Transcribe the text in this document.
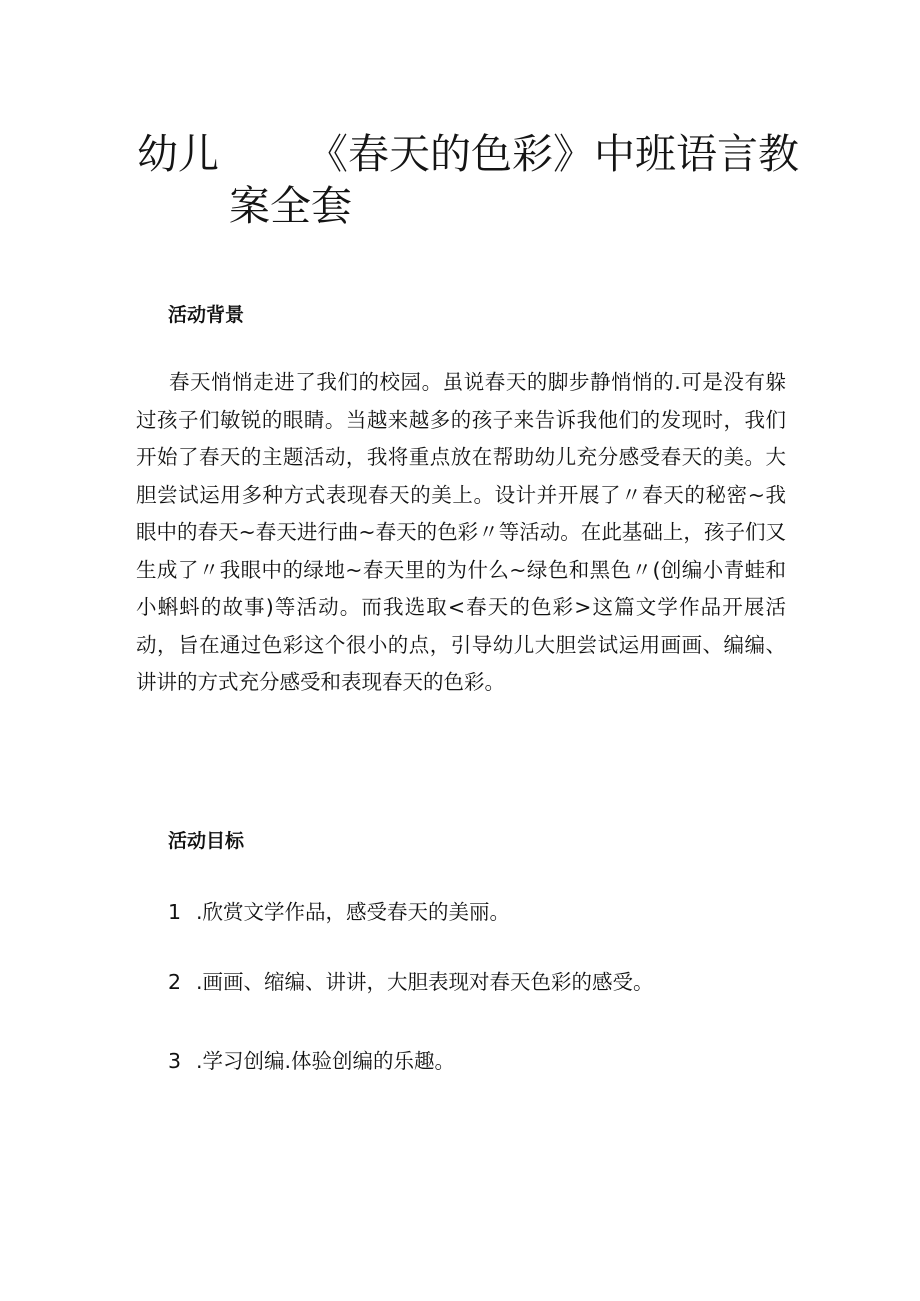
幼儿 《春天的色彩》中班语言教
案全套
活动背景

春天悄悄走进了我们的校园。虽说春天的脚步静悄悄的.可是没有躲过孩子们敏锐的眼睛。当越来越多的孩子来告诉我他们的发现时，我们开始了春天的主题活动，我将重点放在帮助幼儿充分感受春天的美。大胆尝试运用多种方式表现春天的美上。设计并开展了〃春天的秘密~我眼中的春天~春天进行曲~春天的色彩〃等活动。在此基础上，孩子们又生成了〃我眼中的绿地~春天里的为什么~绿色和黑色〃(创编小青蛙和小蝌蚪的故事)等活动。而我选取<春天的色彩>这篇文学作品开展活动，旨在通过色彩这个很小的点，引导幼儿大胆尝试运用画画、编编、讲讲的方式充分感受和表现春天的色彩。

活动目标

1 .欣赏文学作品，感受春天的美丽。

2 .画画、缩编、讲讲，大胆表现对春天色彩的感受。

3 .学习创编.体验创编的乐趣。
